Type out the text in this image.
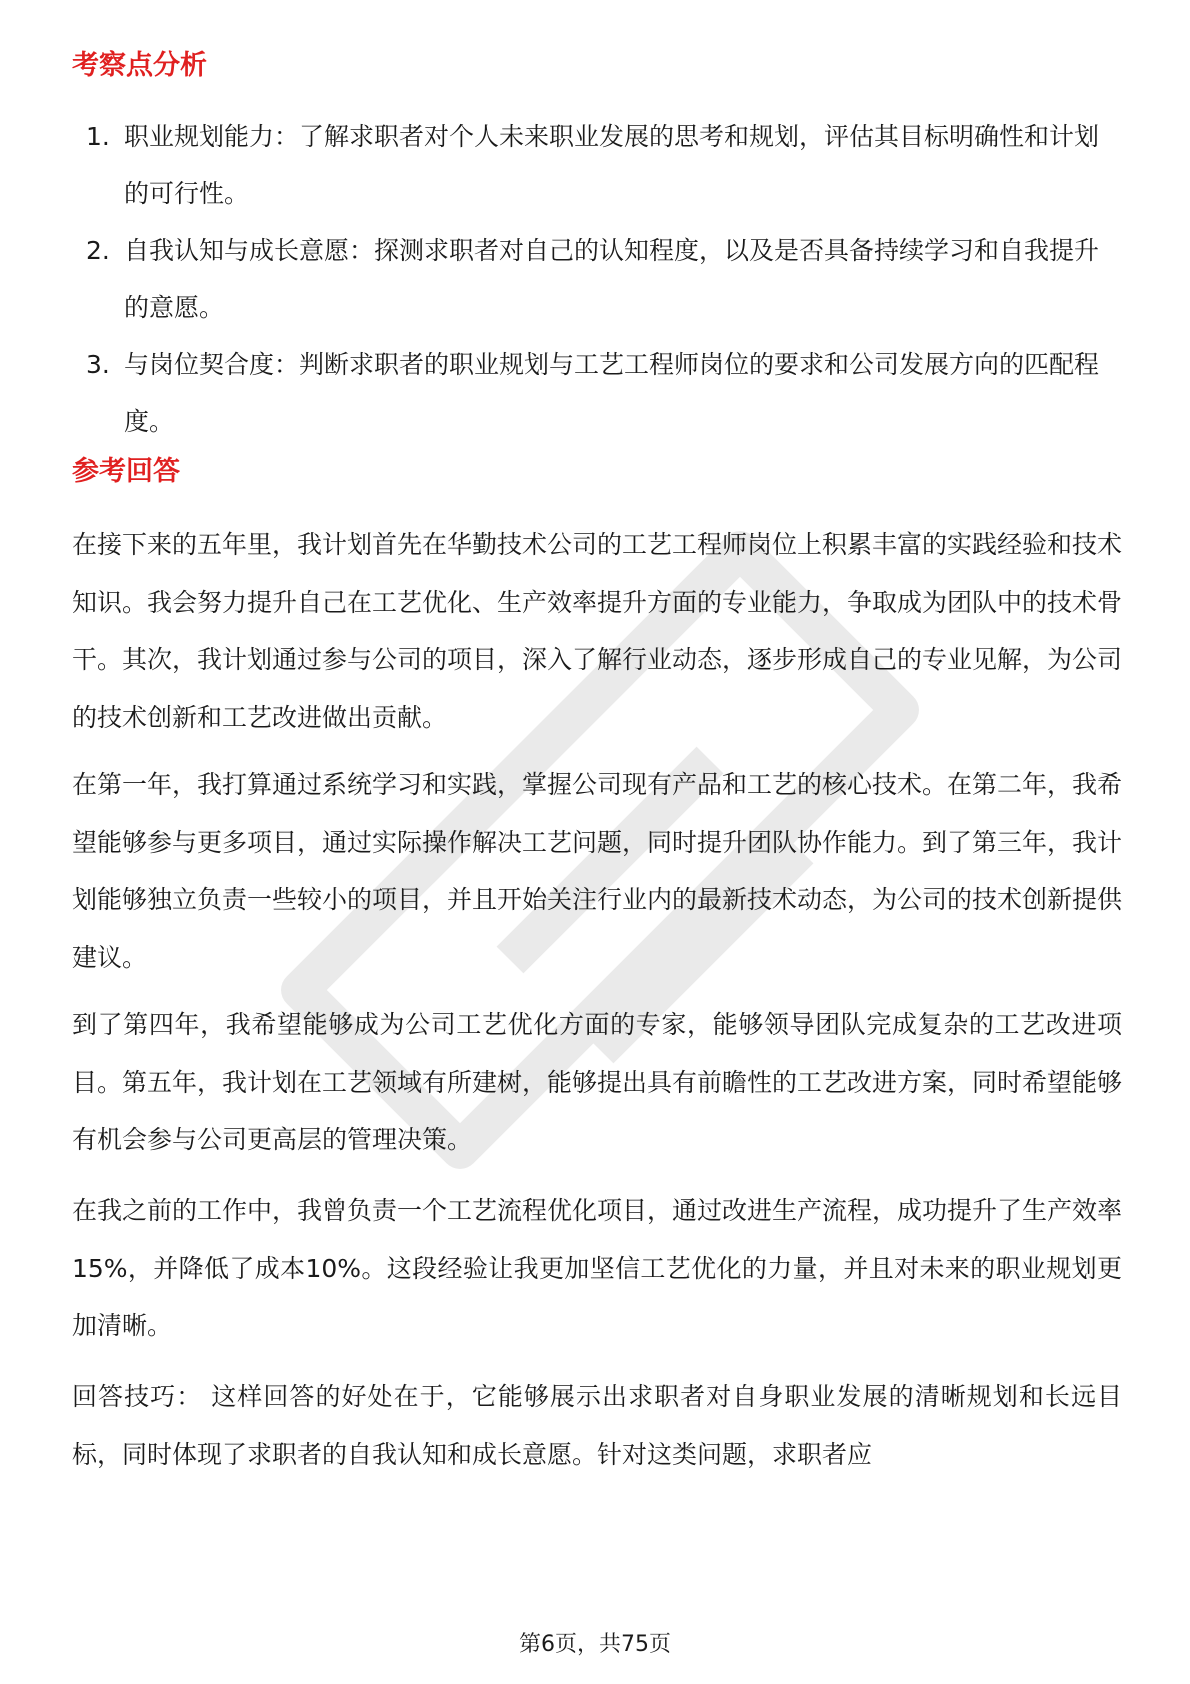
考察点分析
1. 职业规划能力：了解求职者对个人未来职业发展的思考和规划，评估其目标明确性和计划的可行性。
2. 自我认知与成长意愿：探测求职者对自己的认知程度，以及是否具备持续学习和自我提升的意愿。
3. 与岗位契合度：判断求职者的职业规划与工艺工程师岗位的要求和公司发展方向的匹配程度。
参考回答

在接下来的五年里，我计划首先在华勤技术公司的工艺工程师岗位上积累丰富的实践经验和技术知识。我会努力提升自己在工艺优化、生产效率提升方面的专业能力，争取成为团队中的技术骨干。其次，我计划通过参与公司的项目，深入了解行业动态，逐步形成自己的专业见解，为公司的技术创新和工艺改进做出贡献。

在第一年，我打算通过系统学习和实践，掌握公司现有产品和工艺的核心技术。在第二年，我希望能够参与更多项目，通过实际操作解决工艺问题，同时提升团队协作能力。到了第三年，我计划能够独立负责一些较小的项目，并且开始关注行业内的最新技术动态，为公司的技术创新提供建议。

到了第四年，我希望能够成为公司工艺优化方面的专家，能够领导团队完成复杂的工艺改进项目。第五年，我计划在工艺领域有所建树，能够提出具有前瞻性的工艺改进方案，同时希望能够有机会参与公司更高层的管理决策。

在我之前的工作中，我曾负责一个工艺流程优化项目，通过改进生产流程，成功提升了生产效率15%，并降低了成本10%。这段经验让我更加坚信工艺优化的力量，并且对未来的职业规划更加清晰。

回答技巧： 这样回答的好处在于，它能够展示出求职者对自身职业发展的清晰规划和长远目标，同时体现了求职者的自我认知和成长意愿。针对这类问题，求职者应

第6页，共75页
